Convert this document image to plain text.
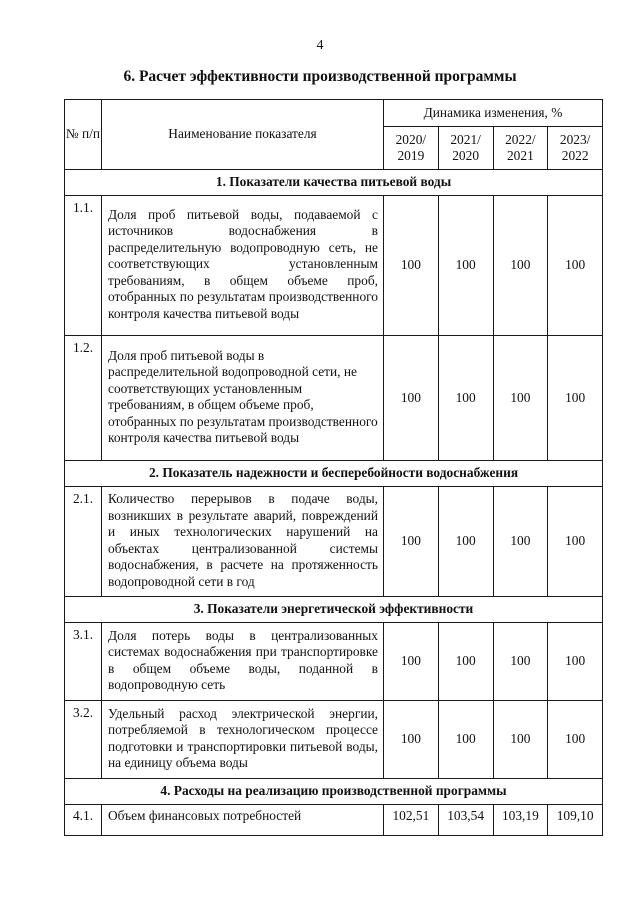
4
6. Расчет эффективности производственной программы
№ п/п	Наименование показателя	Динамика изменения, %			
		2020/ 2019	2021/ 2020	2022/ 2021	2023/ 2022
1. Показатели качества питьевой воды					
1.1.	Доля проб питьевой воды, подаваемой с источников водоснабжения в распределительную водопроводную сеть, не соответствующих установленным требованиям, в общем объеме проб, отобранных по результатам производственного контроля качества питьевой воды	100	100	100	100
1.2.	Доля проб питьевой воды в распределительной водопроводной сети, не соответствующих установленным требованиям, в общем объеме проб, отобранных по результатам производственного контроля качества питьевой воды	100	100	100	100
2. Показатель надежности и бесперебойности водоснабжения					
2.1.	Количество перерывов в подаче воды, возникших в результате аварий, повреждений и иных технологических нарушений на объектах централизованной системы водоснабжения, в расчете на протяженность водопроводной сети в год	100	100	100	100
3. Показатели энергетической эффективности					
3.1.	Доля потерь воды в централизованных системах водоснабжения при транспортировке в общем объеме воды, поданной в водопроводную сеть	100	100	100	100
3.2.	Удельный расход электрической энергии, потребляемой в технологическом процессе подготовки и транспортировки питьевой воды, на единицу объема воды	100	100	100	100
4. Расходы на реализацию производственной программы					
4.1.	Объем финансовых потребностей	102,51	103,54	103,19	109,10
